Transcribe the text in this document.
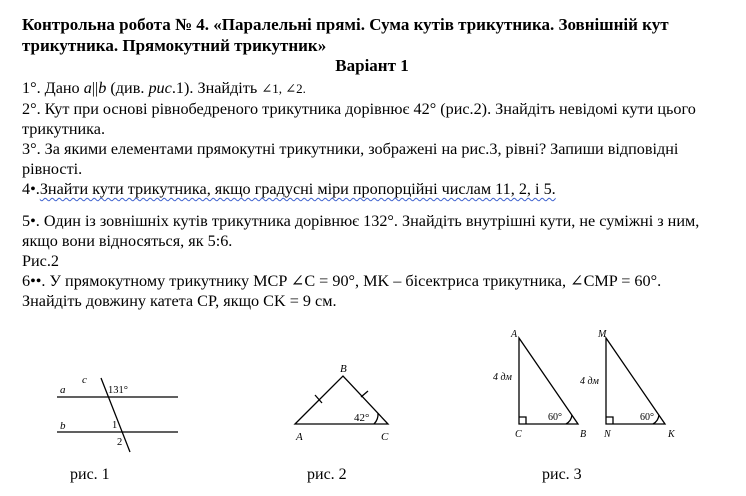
Контрольна робота № 4. «Паралельні прямі. Сума кутів трикутника. Зовнішній кут трикутника. Прямокутний трикутник»

Варіант 1

1°. Дано a||b (див. рис.1). Знайдіть ∠1, ∠2.

2°. Кут при основі рівнобедреного трикутника дорівнює 42° (рис.2). Знайдіть невідомі кути цього трикутника.

3°. За якими елементами прямокутні трикутники, зображені на рис.3, рівні? Запиши відповідні рівності.

4•.Знайти кути трикутника, якщо градусні міри пропорційні числам 11, 2, і 5.

5•. Один із зовнішніх кутів трикутника дорівнює 132°. Знайдіть внутрішні кути, не суміжні з ним, якщо вони відносяться, як 5:6.

Рис.2

6••. У прямокутному трикутнику MCP ∠C = 90°, MK – бісектриса трикутника, ∠CMP = 60°. Знайдіть довжину катета CP, якщо CK = 9 см.

a
b
c
131°
1
2
рис. 1
A
B
C
42°
рис. 2
A
C	B
4 дм
60°
M
N	K
4 дм
60°
рис. 3
